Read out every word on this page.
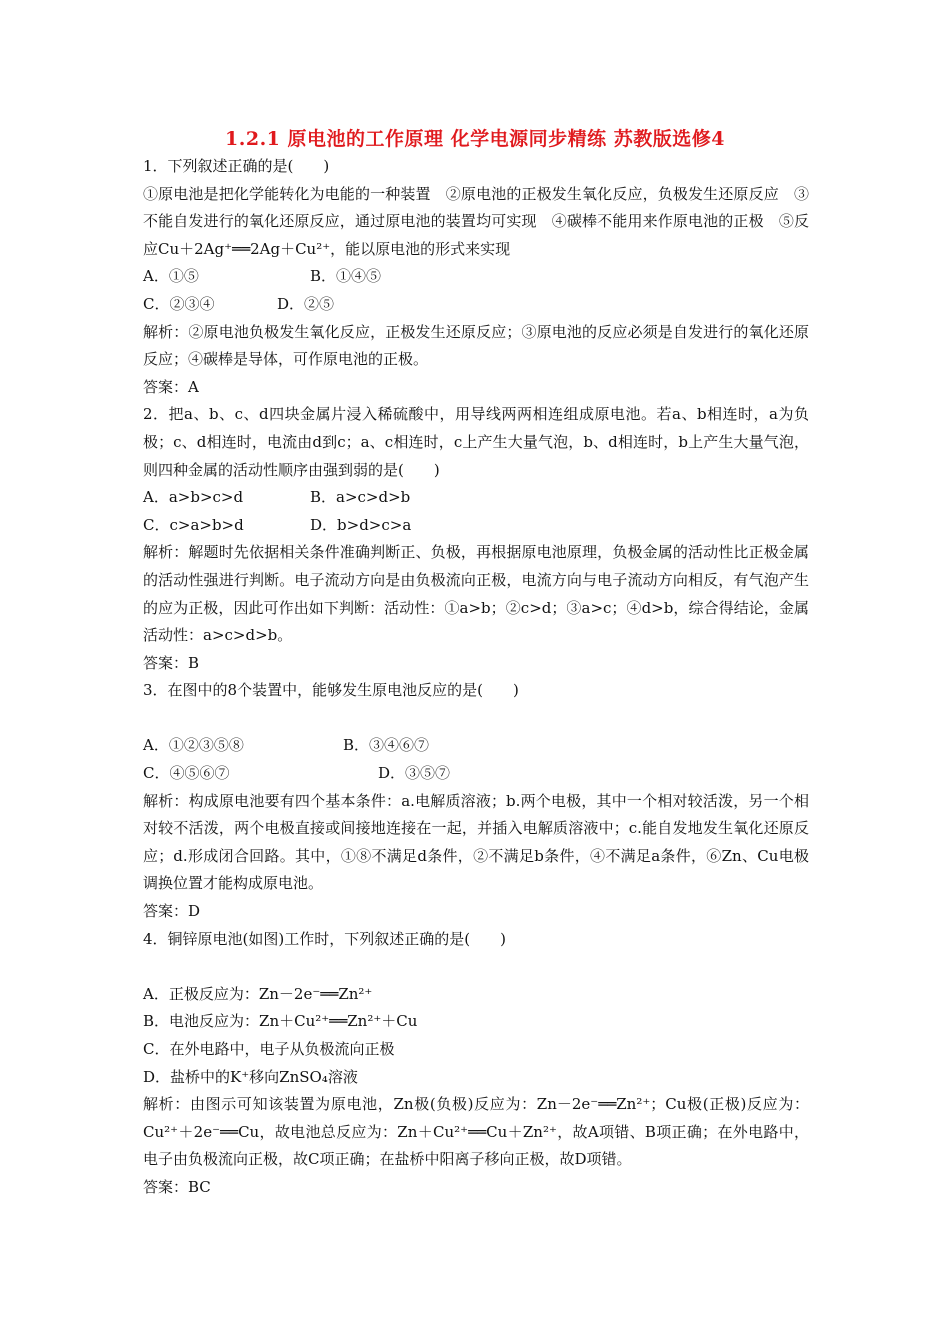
1.2.1 原电池的工作原理 化学电源同步精练 苏教版选修4
1．下列叙述正确的是(　　)
①原电池是把化学能转化为电能的一种装置　②原电池的正极发生氧化反应，负极发生还原反应　③不能自发进行的氧化还原反应，通过原电池的装置均可实现　④碳棒不能用来作原电池的正极　⑤反应Cu＋2Ag⁺══2Ag＋Cu²⁺，能以原电池的形式来实现
A．①⑤	B．①④⑤
C．②③④	D．②⑤
解析：②原电池负极发生氧化反应，正极发生还原反应；③原电池的反应必须是自发进行的氧化还原反应；④碳棒是导体，可作原电池的正极。
答案：A
2．把a、b、c、d四块金属片浸入稀硫酸中，用导线两两相连组成原电池。若a、b相连时，a为负极；c、d相连时，电流由d到c；a、c相连时，c上产生大量气泡，b、d相连时，b上产生大量气泡，则四种金属的活动性顺序由强到弱的是(　　)
A．a>b>c>d	B．a>c>d>b
C．c>a>b>d	D．b>d>c>a
解析：解题时先依据相关条件准确判断正、负极，再根据原电池原理，负极金属的活动性比正极金属的活动性强进行判断。电子流动方向是由负极流向正极，电流方向与电子流动方向相反，有气泡产生的应为正极，因此可作出如下判断：活动性：①a>b；②c>d；③a>c；④d>b，综合得结论，金属活动性：a>c>d>b。
答案：B
3．在图中的8个装置中，能够发生原电池反应的是(　　)
A．①②③⑤⑧	B．③④⑥⑦
C．④⑤⑥⑦	D．③⑤⑦
解析：构成原电池要有四个基本条件：a.电解质溶液；b.两个电极，其中一个相对较活泼，另一个相对较不活泼，两个电极直接或间接地连接在一起，并插入电解质溶液中；c.能自发地发生氧化还原反应；d.形成闭合回路。其中，①⑧不满足d条件，②不满足b条件，④不满足a条件，⑥Zn、Cu电极调换位置才能构成原电池。
答案：D
4．铜锌原电池(如图)工作时，下列叙述正确的是(　　)
A．正极反应为：Zn－2e⁻══Zn²⁺
B．电池反应为：Zn＋Cu²⁺══Zn²⁺＋Cu
C．在外电路中，电子从负极流向正极
D．盐桥中的K⁺移向ZnSO₄溶液
解析：由图示可知该装置为原电池，Zn极(负极)反应为：Zn－2e⁻══Zn²⁺；Cu极(正极)反应为：Cu²⁺＋2e⁻══Cu，故电池总反应为：Zn＋Cu²⁺══Cu＋Zn²⁺，故A项错、B项正确；在外电路中，电子由负极流向正极，故C项正确；在盐桥中阳离子移向正极，故D项错。
答案：BC
